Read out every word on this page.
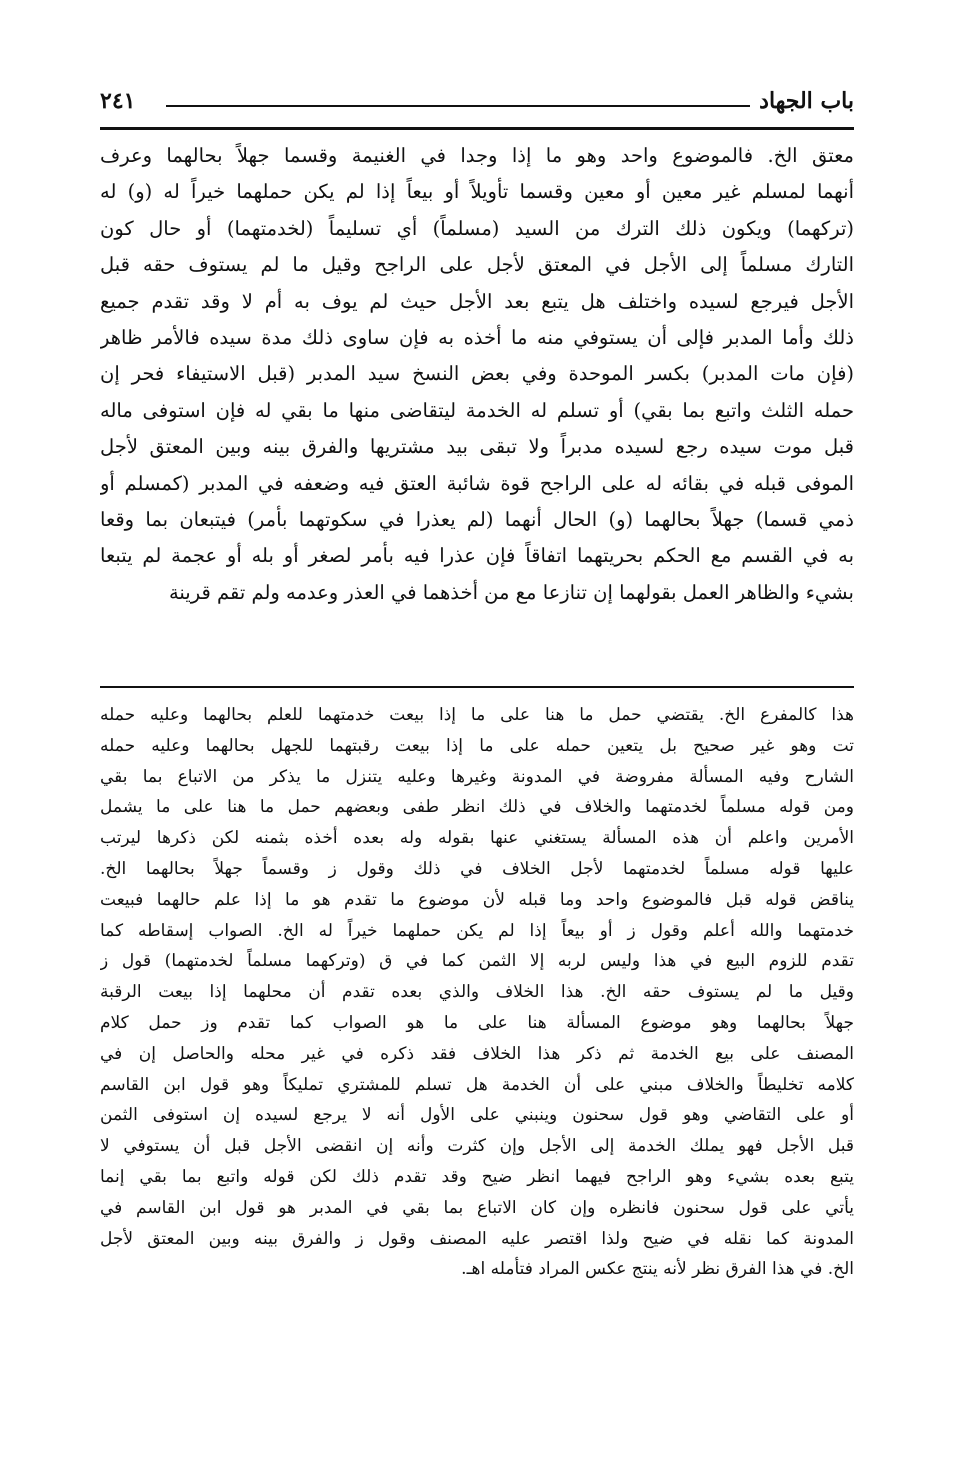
باب الجهاد
٢٤١
معتق الخ. فالموضوع واحد وهو ما إذا وجدا في الغنيمة وقسما جهلاً بحالهما وعرف
أنهما لمسلم غير معين أو معين وقسما تأويلاً أو بيعاً إذا لم يكن حملهما خيراً له (و) له
(تركهما) ويكون ذلك الترك من السيد (مسلماً) أي تسليماً (لخدمتهما) أو حال كون
التارك مسلماً إلى الأجل في المعتق لأجل على الراجح وقيل ما لم يستوف حقه قبل
الأجل فيرجع لسيده واختلف هل يتبع بعد الأجل حيث لم يوف به أم لا وقد تقدم جميع
ذلك وأما المدبر فإلى أن يستوفي منه ما أخذه به فإن ساوى ذلك مدة سيده فالأمر ظاهر
(فإن مات المدبر) بكسر الموحدة وفي بعض النسخ سيد المدبر (قبل الاستيفاء فحر إن
حمله الثلث واتبع بما بقي) أو تسلم له الخدمة ليتقاضى منها ما بقي له فإن استوفى ماله
قبل موت سيده رجع لسيده مدبراً ولا تبقى بيد مشتريها والفرق بينه وبين المعتق لأجل
الموفى قبله في بقائه له على الراجح قوة شائبة العتق فيه وضعفه في المدبر (كمسلم أو
ذمي قسما) جهلاً بحالهما (و) الحال أنهما (لم يعذرا في سكوتهما بأمر) فيتبعان بما وقعا
به في القسم مع الحكم بحريتهما اتفاقاً فإن عذرا فيه بأمر لصغر أو بله أو عجمة لم يتبعا
بشيء والظاهر العمل بقولهما إن تنازعا مع من أخذهما في العذر وعدمه ولم تقم قرينة
هذا كالمفرع الخ. يقتضي حمل ما هنا على ما إذا بيعت خدمتهما للعلم بحالهما وعليه حمله
تت وهو غير صحيح بل يتعين حمله على ما إذا بيعت رقبتهما للجهل بحالهما وعليه حمله
الشارح وفيه المسألة مفروضة في المدونة وغيرها وعليه يتنزل ما يذكر من الاتباع بما بقي
ومن قوله مسلماً لخدمتهما والخلاف في ذلك انظر طفى وبعضهم حمل ما هنا على ما يشمل
الأمرين واعلم أن هذه المسألة يستغني عنها بقوله وله بعده أخذه بثمنه لكن ذكرها ليرتب
عليها قوله مسلماً لخدمتهما لأجل الخلاف في ذلك وقول ز وقسماً جهلاً بحالهما الخ.
يناقض قوله قبل فالموضوع واحد وما قبله لأن موضوع ما تقدم هو ما إذا علم حالهما فبيعت
خدمتهما والله أعلم وقول ز أو بيعاً إذا لم يكن حملهما خيراً له الخ. الصواب إسقاطه كما
تقدم للزوم البيع في هذا وليس لربه إلا الثمن كما في ق (وتركهما مسلماً لخدمتهما) قول ز
وقيل ما لم يستوف حقه الخ. هذا الخلاف والذي بعده تقدم أن محلهما إذا بيعت الرقبة
جهلاً بحالهما وهو موضوع المسألة هنا على ما هو الصواب كما تقدم وز حمل كلام
المصنف على بيع الخدمة ثم ذكر هذا الخلاف فقد ذكره في غير محله والحاصل إن في
كلامه تخليطاً والخلاف مبني على أن الخدمة هل تسلم للمشتري تمليكاً وهو قول ابن القاسم
أو على التقاضي وهو قول سحنون وينبني على الأول أنه لا يرجع لسيده إن استوفى الثمن
قبل الأجل فهو يملك الخدمة إلى الأجل وإن كثرت وأنه إن انقضى الأجل قبل أن يستوفي لا
يتبع بعده بشيء وهو الراجح فيهما انظر ضيح وقد تقدم ذلك لكن قوله واتبع بما بقي إنما
يأتي على قول سحنون فانظره وإن كان الاتباع بما بقي في المدبر هو قول ابن القاسم في
المدونة كما نقله في ضيح ولذا اقتصر عليه المصنف وقول ز والفرق بينه وبين المعتق لأجل
الخ. في هذا الفرق نظر لأنه ينتج عكس المراد فتأمله اهـ.
